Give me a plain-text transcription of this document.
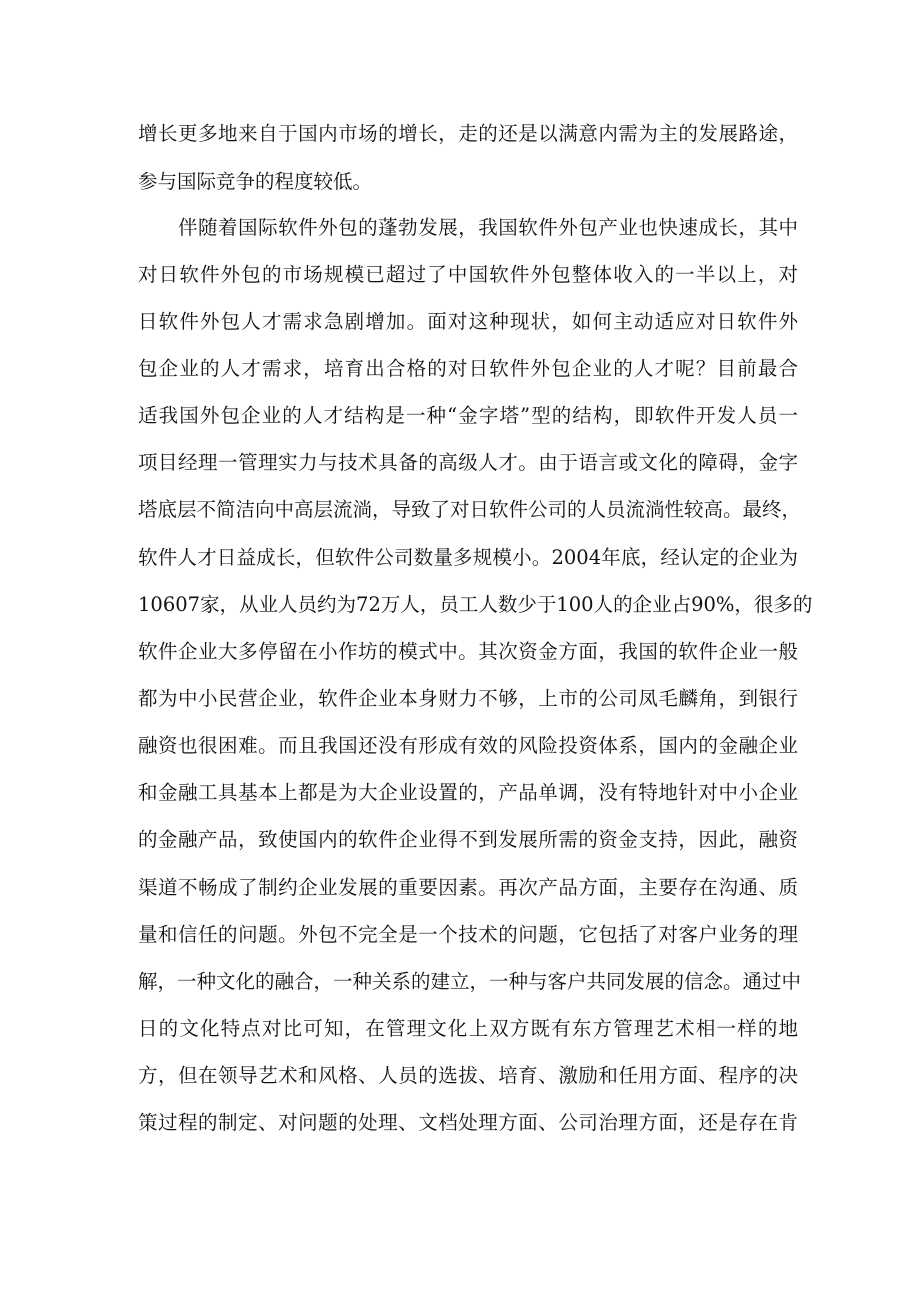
增长更多地来自于国内市场的增长，走的还是以满意内需为主的发展路途，
参与国际竞争的程度较低。
伴随着国际软件外包的蓬勃发展，我国软件外包产业也快速成长，其中
对日软件外包的市场规模已超过了中国软件外包整体收入的一半以上，对
日软件外包人才需求急剧增加。面对这种现状，如何主动适应对日软件外
包企业的人才需求，培育出合格的对日软件外包企业的人才呢？目前最合
适我国外包企业的人才结构是一种“金字塔”型的结构，即软件开发人员一
项目经理一管理实力与技术具备的高级人才。由于语言或文化的障碍，金字
塔底层不简洁向中高层流淌，导致了对日软件公司的人员流淌性较高。最终，
软件人才日益成长，但软件公司数量多规模小。2004年底，经认定的企业为
10607家，从业人员约为72万人，员工人数少于100人的企业占90%，很多的
软件企业大多停留在小作坊的模式中。其次资金方面，我国的软件企业一般
都为中小民营企业，软件企业本身财力不够，上市的公司凤毛麟角，到银行
融资也很困难。而且我国还没有形成有效的风险投资体系，国内的金融企业
和金融工具基本上都是为大企业设置的，产品单调，没有特地针对中小企业
的金融产品，致使国内的软件企业得不到发展所需的资金支持，因此，融资
渠道不畅成了制约企业发展的重要因素。再次产品方面，主要存在沟通、质
量和信任的问题。外包不完全是一个技术的问题，它包括了对客户业务的理
解，一种文化的融合，一种关系的建立，一种与客户共同发展的信念。通过中
日的文化特点对比可知，在管理文化上双方既有东方管理艺术相一样的地
方，但在领导艺术和风格、人员的选拔、培育、激励和任用方面、程序的决
策过程的制定、对问题的处理、文档处理方面、公司治理方面，还是存在肯
